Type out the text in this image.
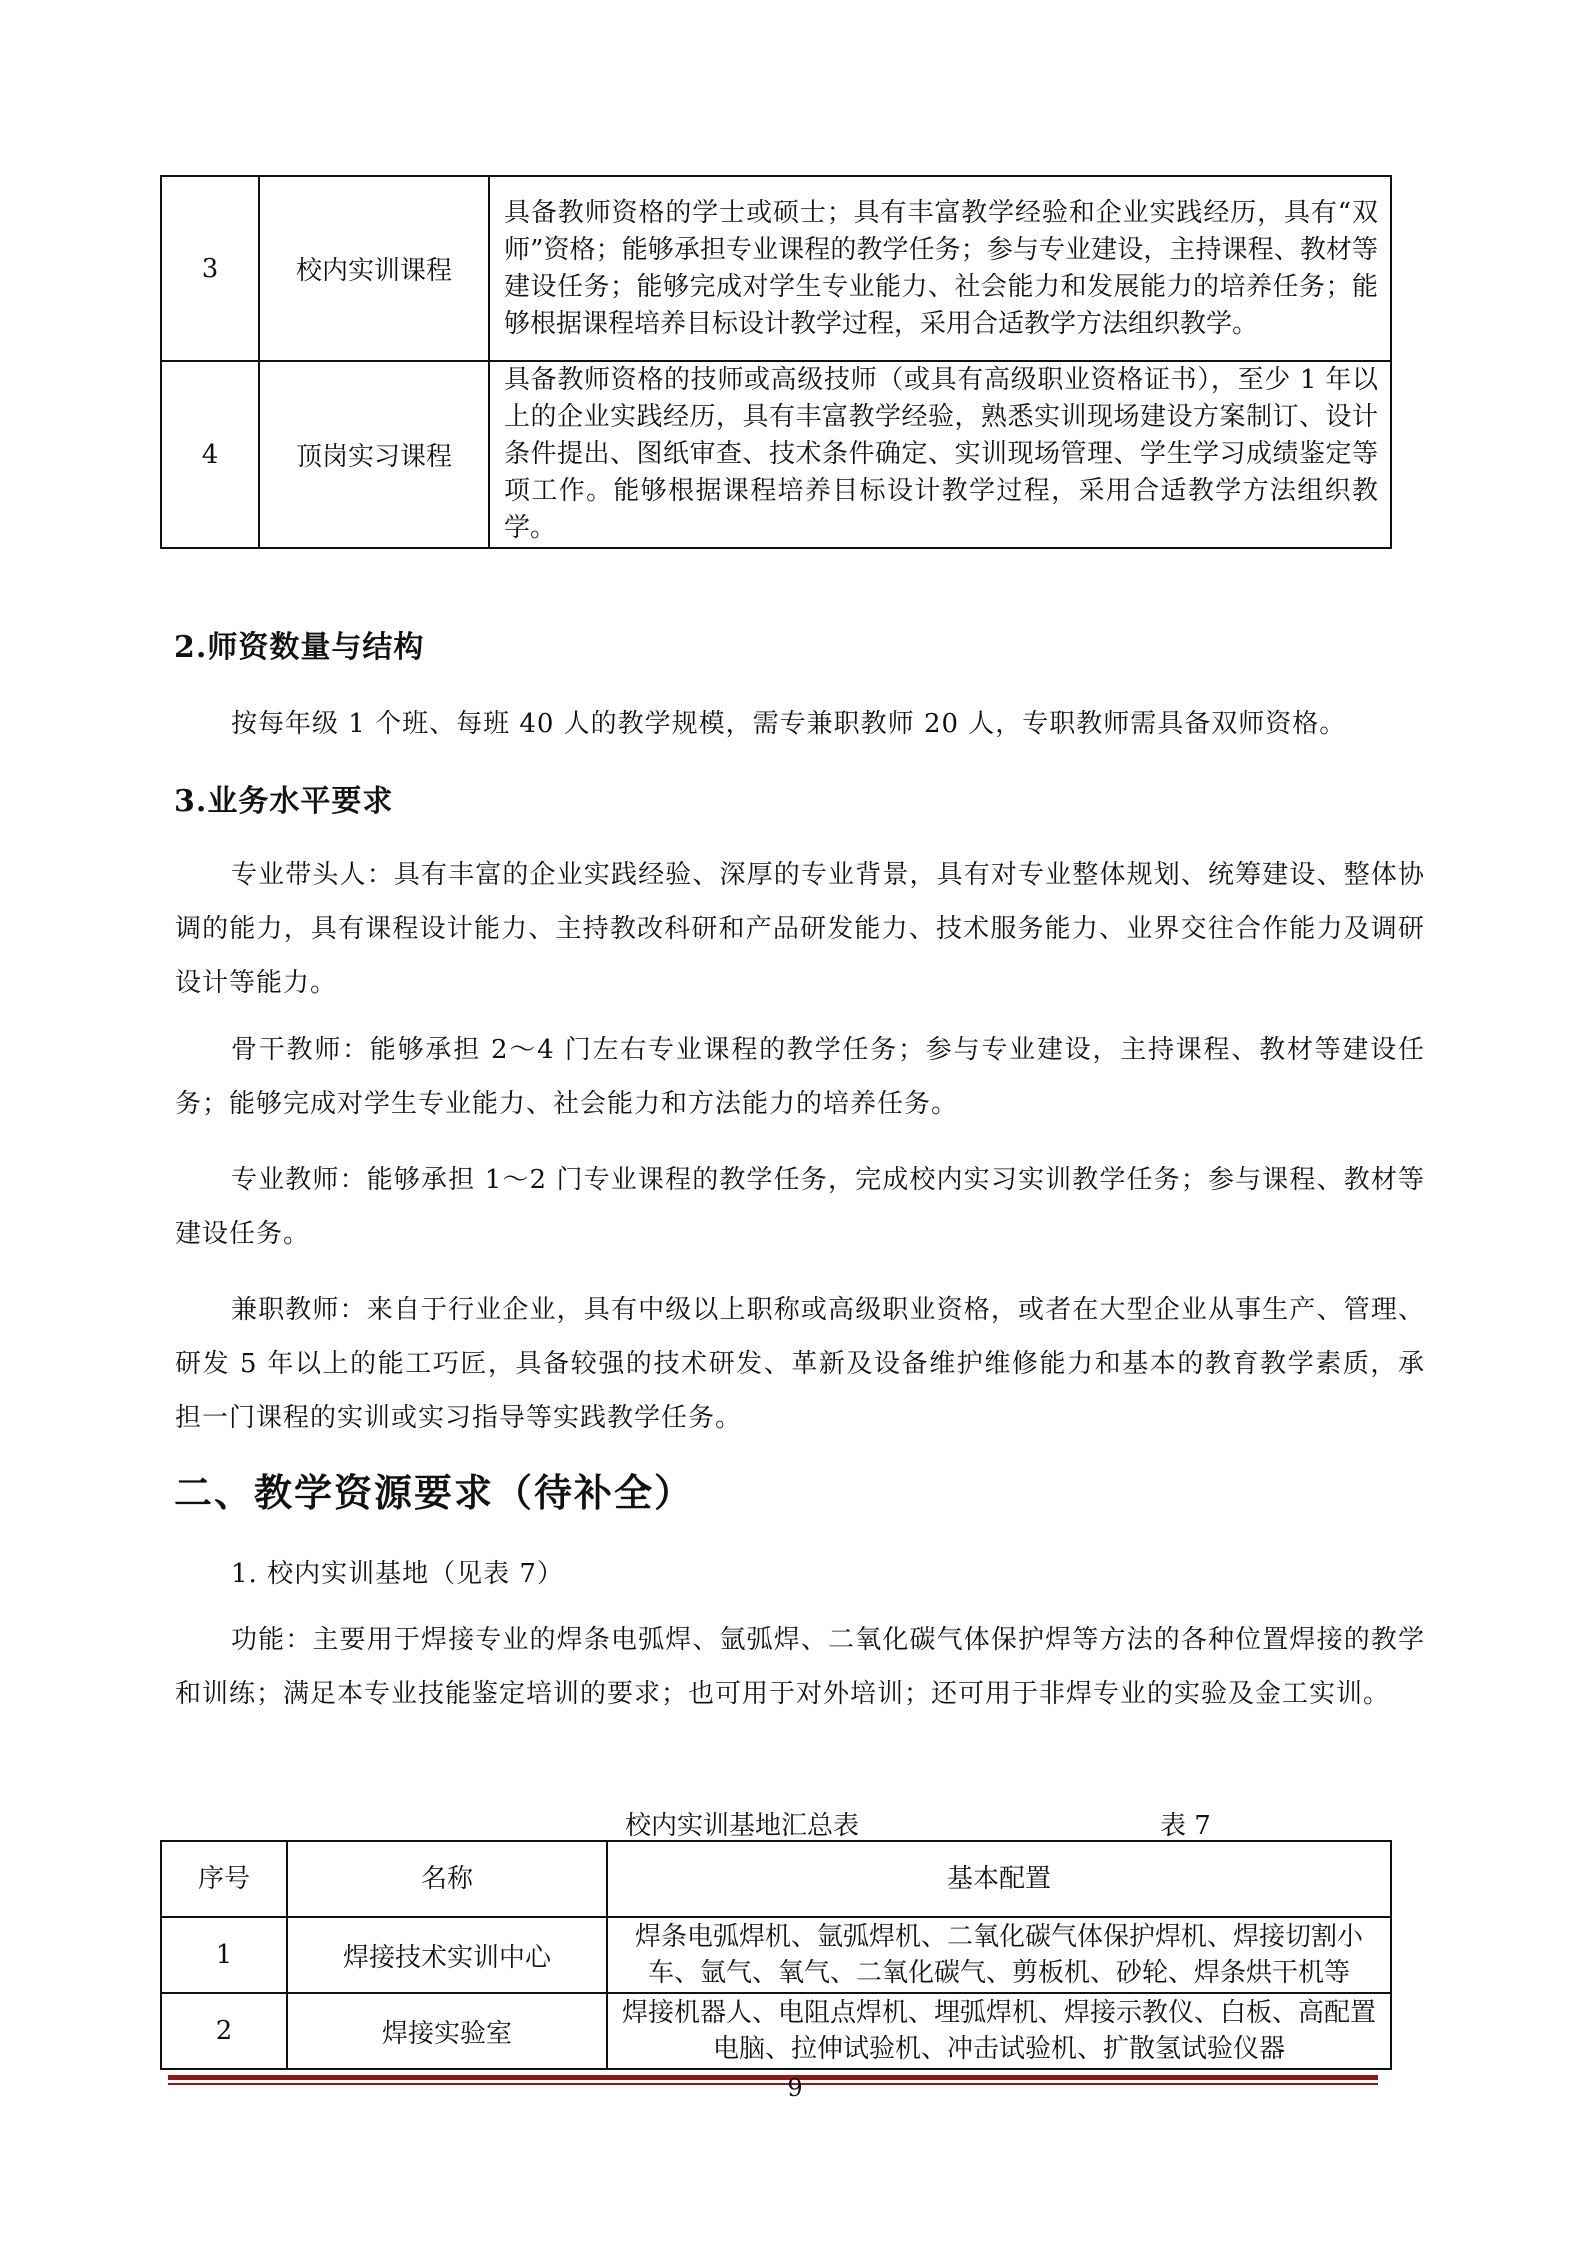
3	校内实训课程	具备教师资格的学士或硕士；具有丰富教学经验和企业实践经历，具有“双师”资格；能够承担专业课程的教学任务；参与专业建设，主持课程、教材等建设任务；能够完成对学生专业能力、社会能力和发展能力的培养任务；能够根据课程培养目标设计教学过程，采用合适教学方法组织教学。
4	顶岗实习课程	具备教师资格的技师或高级技师（或具有高级职业资格证书），至少 1 年以上的企业实践经历，具有丰富教学经验，熟悉实训现场建设方案制订、设计条件提出、图纸审查、技术条件确定、实训现场管理、学生学习成绩鉴定等项工作。能够根据课程培养目标设计教学过程，采用合适教学方法组织教学。
2.师资数量与结构

按每年级 1 个班、每班 40 人的教学规模，需专兼职教师 20 人，专职教师需具备双师资格。

3.业务水平要求

专业带头人：具有丰富的企业实践经验、深厚的专业背景，具有对专业整体规划、统筹建设、整体协调的能力，具有课程设计能力、主持教改科研和产品研发能力、技术服务能力、业界交往合作能力及调研设计等能力。

骨干教师：能够承担 2～4 门左右专业课程的教学任务；参与专业建设，主持课程、教材等建设任务；能够完成对学生专业能力、社会能力和方法能力的培养任务。

专业教师：能够承担 1～2 门专业课程的教学任务，完成校内实习实训教学任务；参与课程、教材等建设任务。

兼职教师：来自于行业企业，具有中级以上职称或高级职业资格，或者在大型企业从事生产、管理、研发 5 年以上的能工巧匠，具备较强的技术研发、革新及设备维护维修能力和基本的教育教学素质，承担一门课程的实训或实习指导等实践教学任务。

二、教学资源要求（待补全）
1. 校内实训基地（见表 7）

功能：主要用于焊接专业的焊条电弧焊、氩弧焊、二氧化碳气体保护焊等方法的各种位置焊接的教学和训练；满足本专业技能鉴定培训的要求；也可用于对外培训；还可用于非焊专业的实验及金工实训。

校内实训基地汇总表	表 7
序号	名称	基本配置
1	焊接技术实训中心	焊条电弧焊机、氩弧焊机、二氧化碳气体保护焊机、焊接切割小车、氩气、氧气、二氧化碳气、剪板机、砂轮、焊条烘干机等
2	焊接实验室	焊接机器人、电阻点焊机、埋弧焊机、焊接示教仪、白板、高配置电脑、拉伸试验机、冲击试验机、扩散氢试验仪器
9
